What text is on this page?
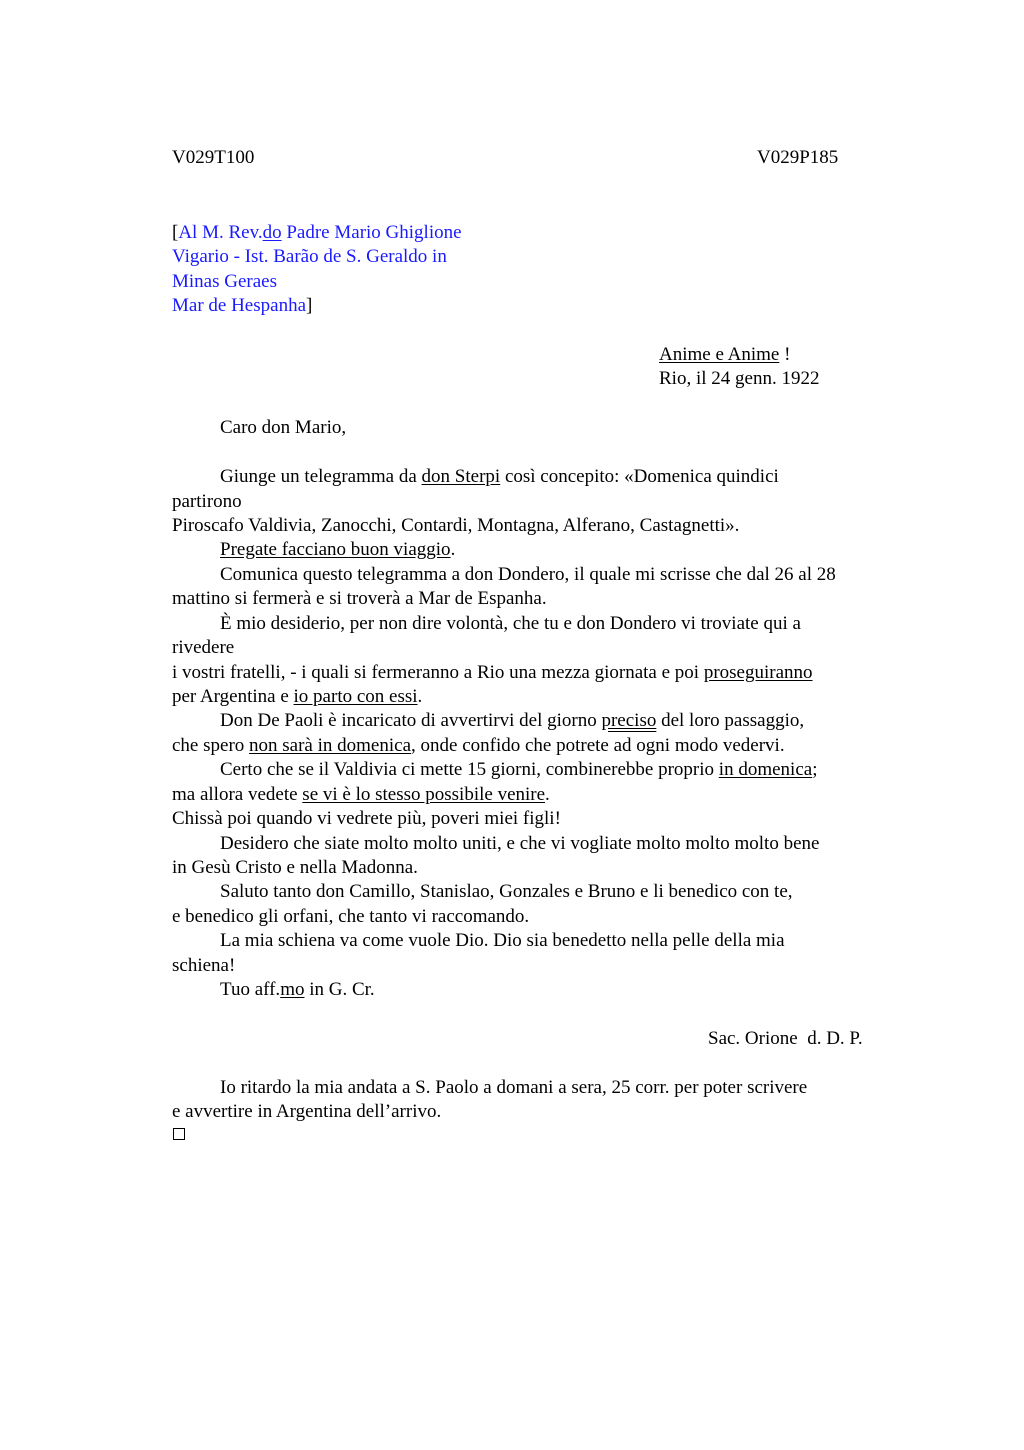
V029T100	V029P185
[Al M. Rev.do Padre Mario Ghiglione
Vigario - Ist. Barão de S. Geraldo in
Minas Geraes
Mar de Hespanha]
Anime e Anime !
Rio, il 24 genn. 1922
Caro don Mario,
Giunge un telegramma da don Sterpi così concepito: «Domenica quindici
partirono
Piroscafo Valdivia, Zanocchi, Contardi, Montagna, Alferano, Castagnetti».
Pregate facciano buon viaggio.
Comunica questo telegramma a don Dondero, il quale mi scrisse che dal 26 al 28
mattino si fermerà e si troverà a Mar de Espanha.
È mio desiderio, per non dire volontà, che tu e don Dondero vi troviate qui a
rivedere
i vostri fratelli, - i quali si fermeranno a Rio una mezza giornata e poi proseguiranno
per Argentina e io parto con essi.
Don De Paoli è incaricato di avvertirvi del giorno preciso del loro passaggio,
che spero non sarà in domenica, onde confido che potrete ad ogni modo vedervi.
Certo che se il Valdivia ci mette 15 giorni, combinerebbe proprio in domenica;
ma allora vedete se vi è lo stesso possibile venire.
Chissà poi quando vi vedrete più, poveri miei figli!
Desidero che siate molto molto uniti, e che vi vogliate molto molto molto bene
in Gesù Cristo e nella Madonna.
Saluto tanto don Camillo, Stanislao, Gonzales e Bruno e li benedico con te,
e benedico gli orfani, che tanto vi raccomando.
La mia schiena va come vuole Dio. Dio sia benedetto nella pelle della mia
schiena!
Tuo aff.mo in G. Cr.
Sac. Orione  d. D. P.
Io ritardo la mia andata a S. Paolo a domani a sera, 25 corr. per poter scrivere
e avvertire in Argentina dell’arrivo.
